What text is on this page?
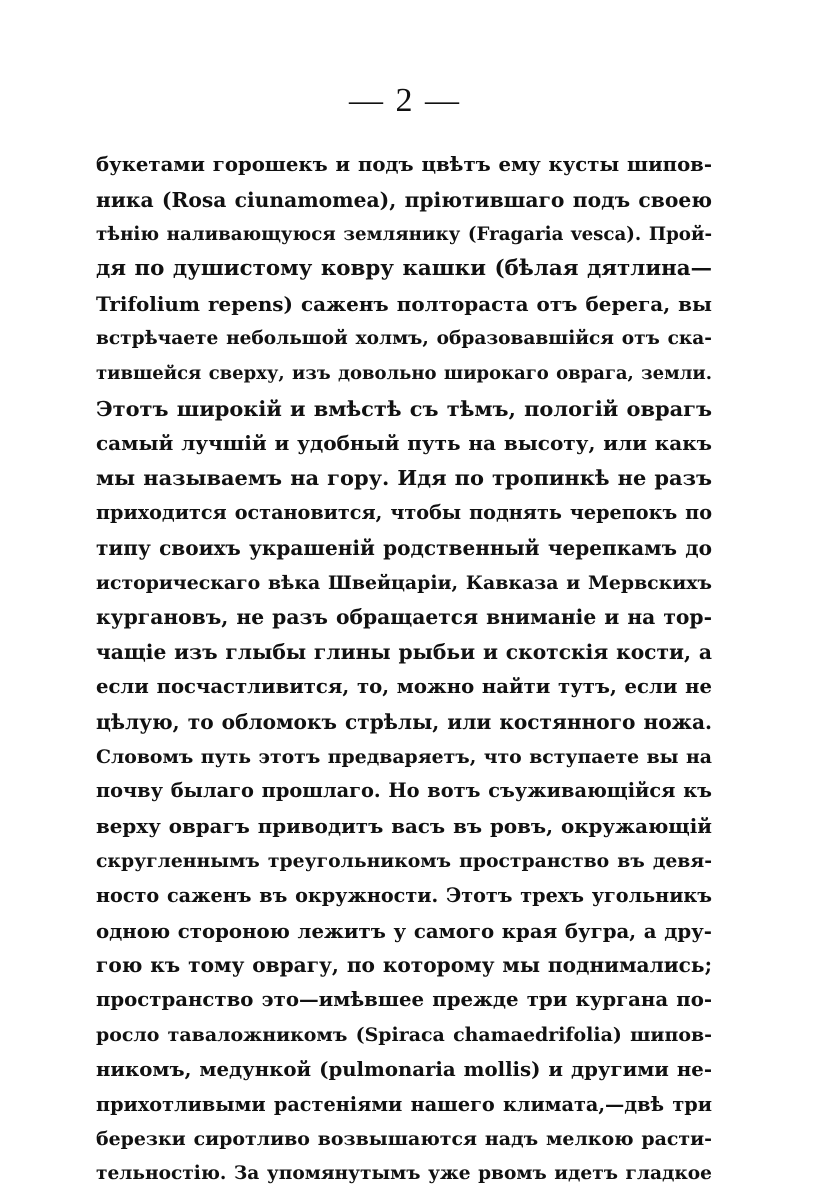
— 2 —
букетами горошекъ и подъ цвѣтъ ему кусты шипов-
ника (Rosa ciunamomea), пріютившаго подъ своею
тѣнію наливающуюся землянику (Fragaria vesca). Прой-
дя по душистому ковру кашки (бѣлая дятлина—
Trifolium repens) саженъ полтораста отъ берега, вы
встрѣчаете небольшой холмъ, образовавшійся отъ ска-
тившейся сверху, изъ довольно широкаго оврага, земли.
Этотъ широкій и вмѣстѣ съ тѣмъ, пологій оврагъ
самый лучшій и удобный путь на высоту, или какъ
мы называемъ на гору. Идя по тропинкѣ не разъ
приходится остановится, чтобы поднять черепокъ по
типу своихъ украшеній родственный черепкамъ до
историческаго вѣка Швейцаріи, Кавказа и Мервскихъ
кургановъ, не разъ обращается вниманіе и на тор-
чащіе изъ глыбы глины рыбьи и скотскія кости, а
если посчастливится, то, можно найти тутъ, если не
цѣлую, то обломокъ стрѣлы, или костянного ножа.
Словомъ путь этотъ предваряетъ, что вступаете вы на
почву былаго прошлаго. Но вотъ съуживающійся къ
верху оврагъ приводитъ васъ въ ровъ, окружающій
скругленнымъ треугольникомъ пространство въ девя-
носто саженъ въ окружности. Этотъ трехъ угольникъ
одною стороною лежитъ у самого края бугра, а дру-
гою къ тому оврагу, по которому мы поднимались;
пространство это—имѣвшее прежде три кургана по-
росло таваложникомъ (Spiraca chamaedrifolia) шипов-
никомъ, медункой (pulmonaria mollis) и другими не-
прихотливыми растеніями нашего климата,—двѣ три
березки сиротливо возвышаются надъ мелкою расти-
тельностію. За упомянутымъ уже рвомъ идетъ гладкое
